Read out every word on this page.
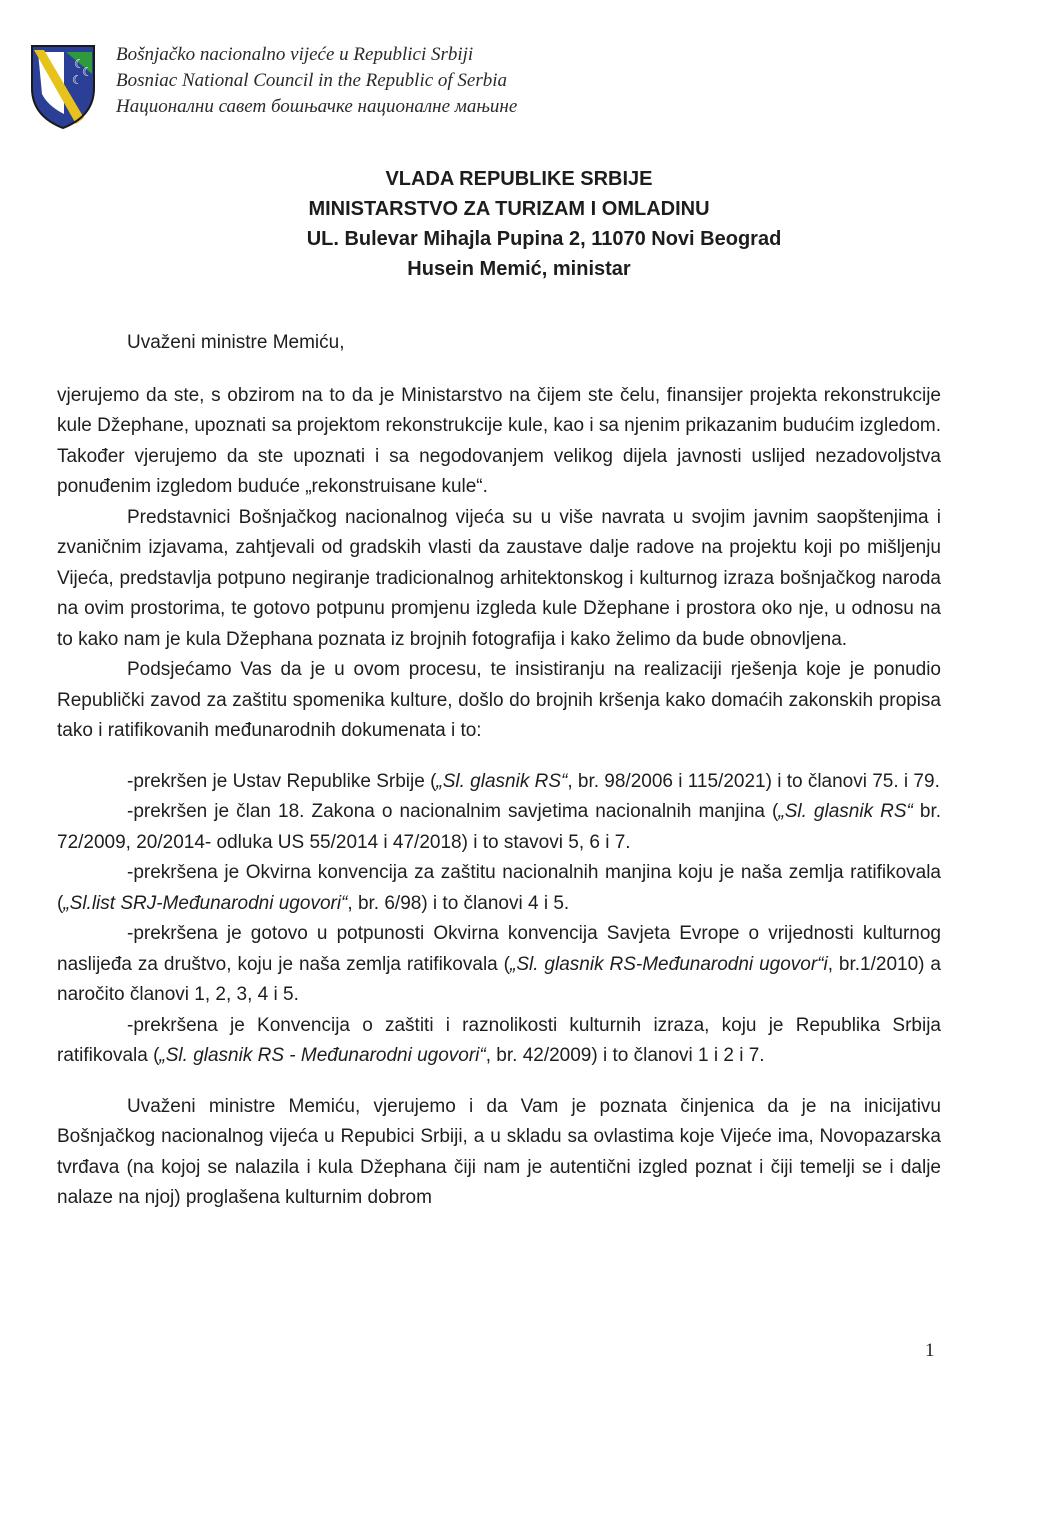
☾
☾
☾
Bošnjačko nacionalno vijeće u Republici Srbiji
Bosniac National Council in the Republic of Serbia
Национални савет бошњачке националне мањине
VLADA REPUBLIKE SRBIJE
MINISTARSTVO ZA TURIZAM I OMLADINU
UL. Bulevar Mihajla Pupina 2, 11070 Novi Beograd
Husein Memić, ministar
Uvaženi ministre Memiću,

vjerujemo da ste, s obzirom na to da je Ministarstvo na čijem ste čelu, finansijer projekta rekonstrukcije kule Džephane, upoznati sa projektom rekonstrukcije kule, kao i sa njenim prikazanim budućim izgledom. Također vjerujemo da ste upoznati i sa negodovanjem velikog dijela javnosti uslijed nezadovoljstva ponuđenim izgledom buduće „rekonstruisane kule“.

Predstavnici Bošnjačkog nacionalnog vijeća su u više navrata u svojim javnim saopštenjima i zvaničnim izjavama, zahtjevali od gradskih vlasti da zaustave dalje radove na projektu koji po mišljenju Vijeća, predstavlja potpuno negiranje tradicionalnog arhitektonskog i kulturnog izraza bošnjačkog naroda na ovim prostorima, te gotovo potpunu promjenu izgleda kule Džephane i prostora oko nje, u odnosu na to kako nam je kula Džephana poznata iz brojnih fotografija i kako želimo da bude obnovljena.

Podsjećamo Vas da je u ovom procesu, te insistiranju na realizaciji rješenja koje je ponudio Republički zavod za zaštitu spomenika kulture, došlo do brojnih kršenja kako domaćih zakonskih propisa tako i ratifikovanih međunarodnih dokumenata i to:

-prekršen je Ustav Republike Srbije („Sl. glasnik RS“, br. 98/2006 i 115/2021) i to članovi 75. i 79.

-prekršen je član 18. Zakona o nacionalnim savjetima nacionalnih manjina („Sl. glasnik RS“ br. 72/2009, 20/2014- odluka US 55/2014 i 47/2018) i to stavovi 5, 6 i 7.

-prekršena je Okvirna konvencija za zaštitu nacionalnih manjina koju je naša zemlja ratifikovala („Sl.list SRJ-Međunarodni ugovori“, br. 6/98) i to članovi 4 i 5.

-prekršena je gotovo u potpunosti Okvirna konvencija Savjeta Evrope o vrijednosti kulturnog naslijeđa za društvo, koju je naša zemlja ratifikovala („Sl. glasnik RS-Međunarodni ugovor“i, br.1/2010) a naročito članovi 1, 2, 3, 4 i 5.

-prekršena je Konvencija o zaštiti i raznolikosti kulturnih izraza, koju je Republika Srbija ratifikovala („Sl. glasnik RS - Međunarodni ugovori“, br. 42/2009) i to članovi 1 i 2 i 7.

Uvaženi ministre Memiću, vjerujemo i da Vam je poznata činjenica da je na inicijativu Bošnjačkog nacionalnog vijeća u Repubici Srbiji, a u skladu sa ovlastima koje Vijeće ima, Novopazarska tvrđava (na kojoj se nalazila i kula Džephana čiji nam je autentični izgled poznat i čiji temelji se i dalje nalaze na njoj) proglašena kulturnim dobrom

1
